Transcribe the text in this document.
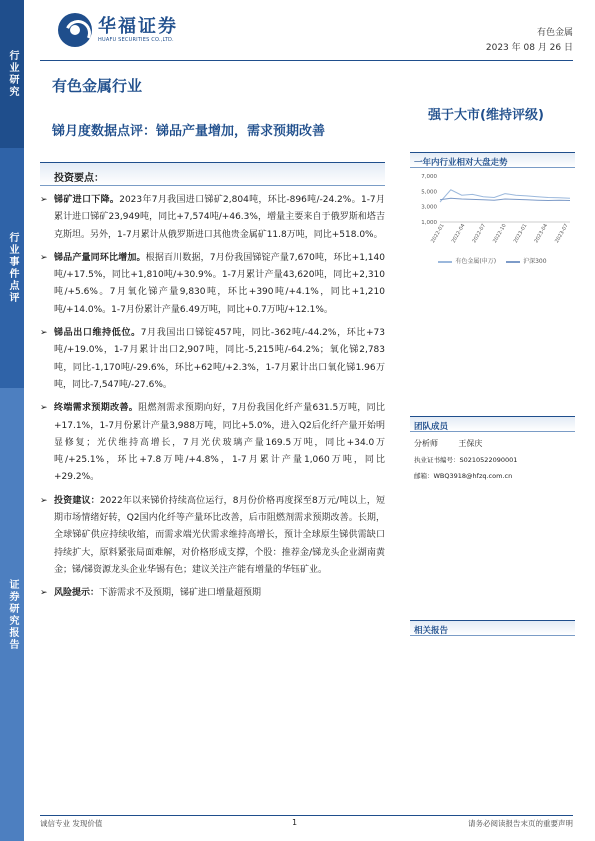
行业研究
行业事件点评
证券研究报告
华福证券
HUAFU SECURITIES CO.,LTD.
有色金属
2023 年 08 月 26 日
有色金属行业
强于大市(维持评级)
锑月度数据点评：锑品产量增加，需求预期改善
投资要点：
➢ 锑矿进口下降。2023年7月我国进口锑矿2,804吨，环比-896吨/-24.2%。1-7月累计进口锑矿23,949吨，同比+7,574吨/+46.3%，增量主要来自于俄罗斯和塔吉克斯坦。另外，1-7月累计从俄罗斯进口其他贵金属矿11.8万吨，同比+518.0%。
➢ 锑品产量同环比增加。根据百川数据，7月份我国锑锭产量7,670吨，环比+1,140吨/+17.5%，同比+1,810吨/+30.9%。1-7月累计产量43,620吨，同比+2,310吨/+5.6%。7月氧化锑产量9,830吨，环比+390吨/+4.1%，同比+1,210吨/+14.0%。1-7月份累计产量6.49万吨，同比+0.7万吨/+12.1%。
➢ 锑品出口维持低位。7月我国出口锑锭457吨，同比-362吨/-44.2%，环比+73吨/+19.0%，1-7月累计出口2,907吨，同比-5,215吨/-64.2%；氧化锑2,783吨，同比-1,170吨/-29.6%，环比+62吨/+2.3%，1-7月累计出口氧化锑1.96万吨，同比-7,547吨/-27.6%。
➢ 终端需求预期改善。阻燃剂需求预期向好，7月份我国化纤产量631.5万吨，同比+17.1%，1-7月份累计产量3,988万吨，同比+5.0%，进入Q2后化纤产量开始明显修复；光伏维持高增长，7月光伏玻璃产量169.5万吨，同比+34.0万吨/+25.1%，环比+7.8万吨/+4.8%，1-7月累计产量1,060万吨，同比+29.2%。
➢ 投资建议：2022年以来锑价持续高位运行，8月份价格再度探至8万元/吨以上，短期市场情绪好转，Q2国内化纤等产量环比改善，后市阻燃剂需求预期改善。长期，全球锑矿供应持续收缩，而需求端光伏需求维持高增长，预计全球原生锑供需缺口持续扩大，原料紧张局面难解，对价格形成支撑，个股：推荐金/锑龙头企业湖南黄金；锑/锑资源龙头企业华锡有色；建议关注产能有增量的华钰矿业。
➢ 风险提示：下游需求不及预期，锑矿进口增量超预期
一年内行业相对大盘走势
1,000
3,000
5,000
7,000
2022-01 2022-04 2022-07 2022-10 2023-01 2023-04 2023-07
有色金属(申万)	沪深300
团队成员
分析师	王保庆
执业证书编号：S0210522090001
邮箱：WBQ3918@hfzq.com.cn
相关报告
诚信专业 发现价值	1	请务必阅读报告末页的重要声明
